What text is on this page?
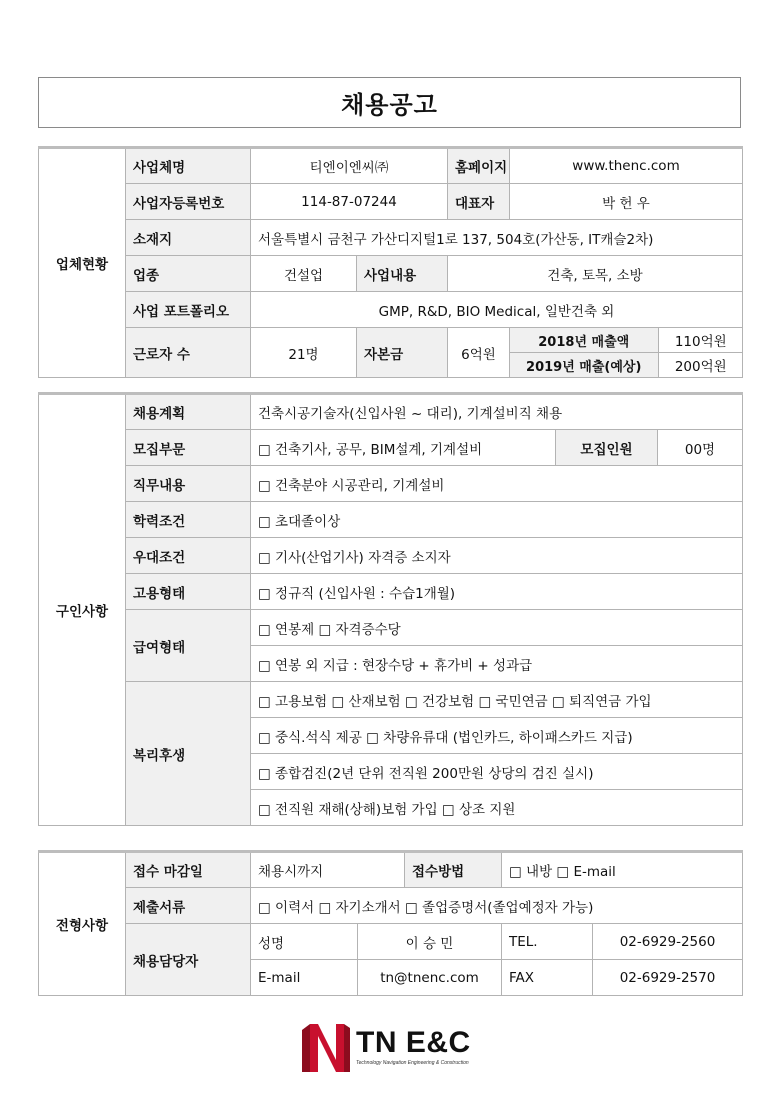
채용공고
업체현황	사업체명	티엔이엔씨㈜	홈페이지	www.thenc.com
사업자등록번호	114-87-07244	대표자	박 헌 우
소재지	서울특별시 금천구 가산디지털1로 137, 504호(가산동, IT캐슬2차)
업종	건설업	사업내용	건축, 토목, 소방
사업 포트폴리오	GMP, R&D, BIO Medical, 일반건축 외
근로자 수	21명	자본금	6억원	
2018년 매출액	110억원
2019년 매출(예상)	200억원
구인사항	채용계획	건축시공기술자(신입사원 ~ 대리), 기계설비직 채용		
	모집부문	□ 건축기사, 공무, BIM설계, 기계설비	모집인원	00명
	직무내용	□ 건축분야 시공관리, 기계설비		
	학력조건	□ 초대졸이상		
	우대조건	□ 기사(산업기사) 자격증 소지자		
	고용형태	□ 정규직 (신입사원 : 수습1개월)		
	급여형태	□ 연봉제 □ 자격증수당		
		□ 연봉 외 지급 : 현장수당 + 휴가비 + 성과급		
	복리후생	□ 고용보험 □ 산재보험 □ 건강보험 □ 국민연금 □ 퇴직연금 가입		
		□ 중식.석식 제공 □ 차량유류대 (법인카드, 하이패스카드 지급)		
		□ 종합검진(2년 단위 전직원 200만원 상당의 검진 실시)		
		□ 전직원 재해(상해)보험 가입 □ 상조 지원		
전형사항	접수 마감일	채용시까지		접수방법	□ 내방 □ E-mail	
	제출서류	□ 이력서 □ 자기소개서 □ 졸업증명서(졸업예정자 가능)				
	채용담당자	성명	이 승 민		TEL.	02-6929-2560
		E-mail	tn@tnenc.com		FAX	02-6929-2570
TN E&C
Technology Navigation Engineering & Construction
